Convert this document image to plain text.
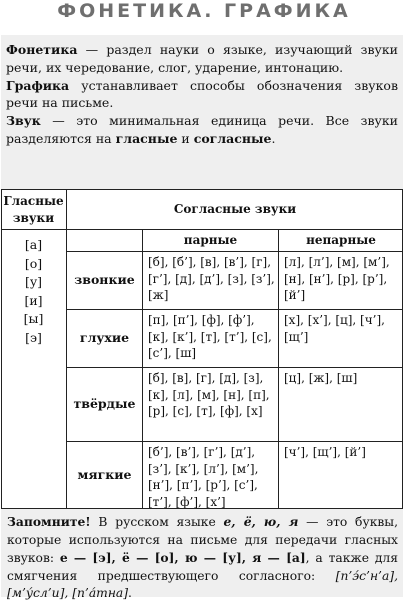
ФОНЕТИКА. ГРАФИКА

Фонетика — раздел науки о языке, изучающий звуки речи, их чередование, слог, ударение, интонацию.

Графика устанавливает способы обозначения звуков речи на письме.

Звук — это минимальная единица речи. Все звуки разделяются на гласные и согласные.

Гласные звуки
Согласные звуки
[а]
[о]
[у]
[и]
[ы]
[э]
парные	непарные
звонкие
[б], [б’], [в], [в’], [г], [г’], [д], [д’], [з], [з’], [ж]
[л], [л’], [м], [м’], [н], [н’], [р], [р’], [й’]
глухие
[п], [п’], [ф], [ф’], [к], [к’], [т], [т’], [с], [с’], [ш]
[х], [х’], [ц], [ч’], [щ’]
твёрдые
[б], [в], [г], [д], [з], [к], [л], [м], [н], [п], [р], [с], [т], [ф], [х]
[ц], [ж], [ш]
мягкие
[б’], [в’], [г’], [д’], [з’], [к’], [л’], [м’], [н’], [п’], [р’], [с’], [т’], [ф’], [х’]
[ч’], [щ’], [й’]

Запомните! В русском языке е, ё, ю, я — это буквы, которые используются на письме для передачи гласных звуков: е — [э], ё — [о], ю — [у], я — [а], а также для смягчения предшествующего согласного: [п’э́с’н’а], [м’у́сл’и], [п’а́тна].
